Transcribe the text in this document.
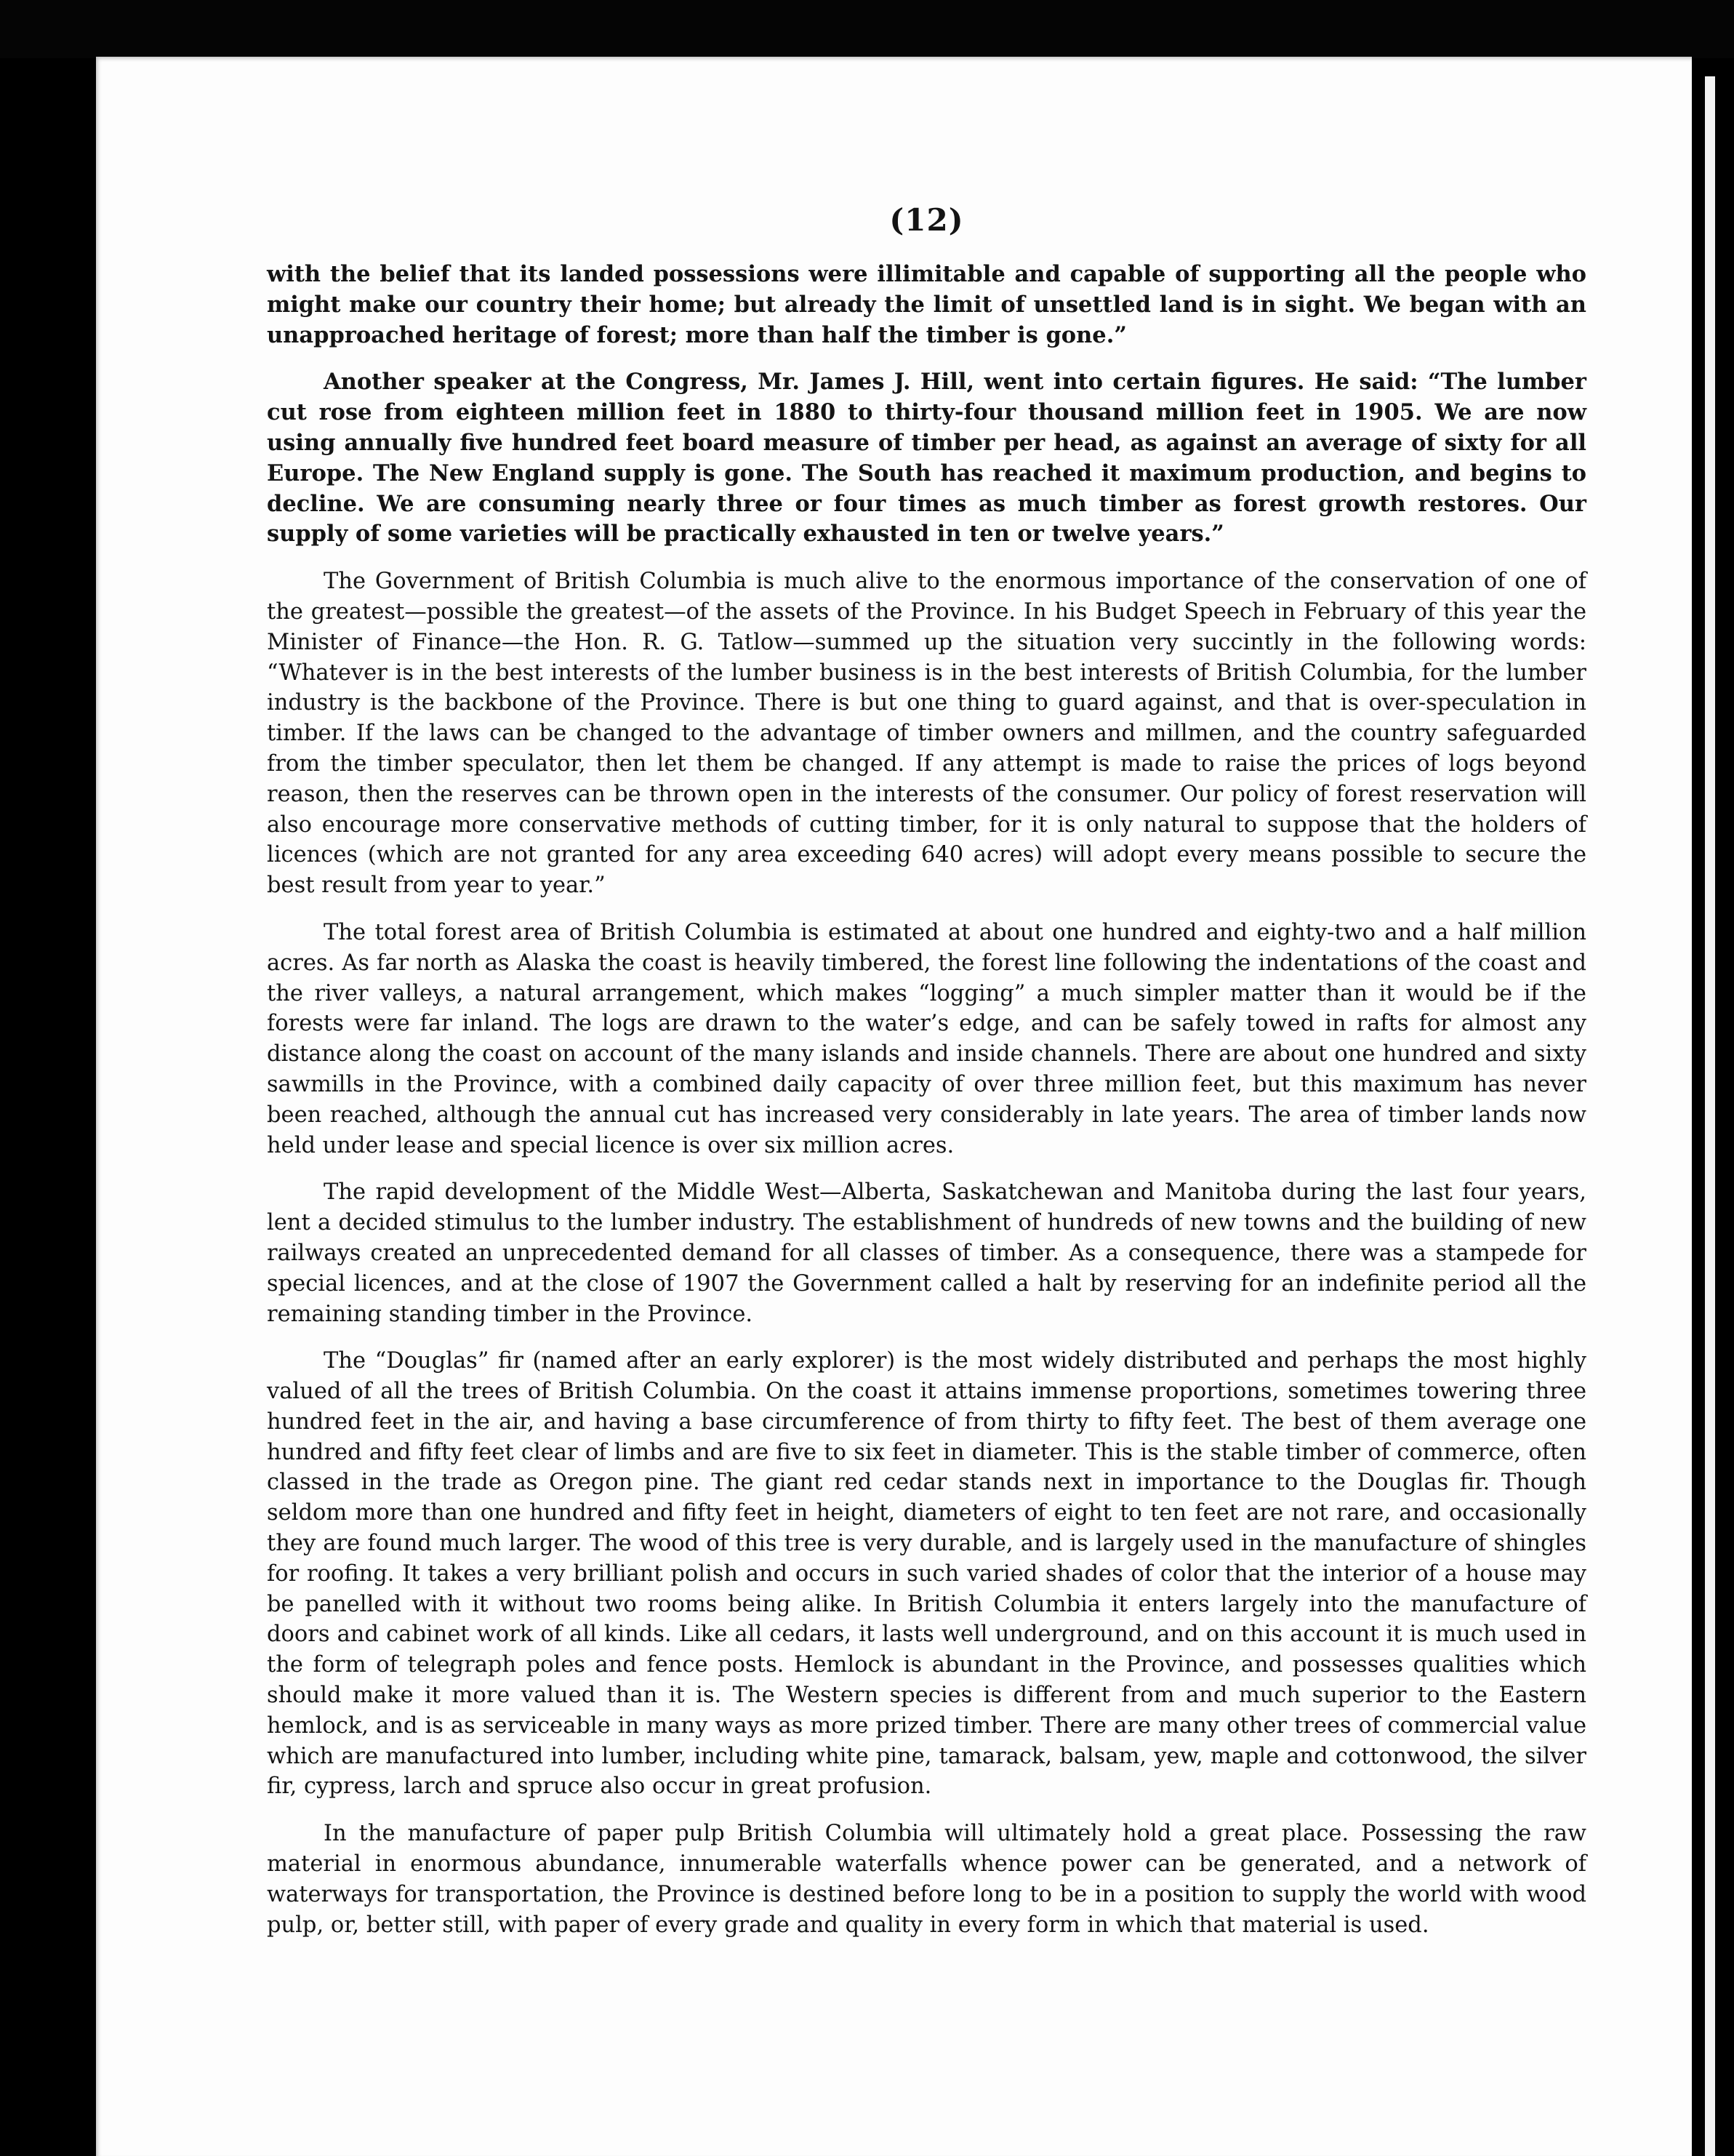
(12)

with the belief that its landed possessions were illimitable and capable of supporting all the people who might make our country their home; but already the limit of unsettled land is in sight. We began with an unapproached heritage of forest; more than half the timber is gone.”

Another speaker at the Congress, Mr. James J. Hill, went into certain figures. He said: “The lumber cut rose from eighteen million feet in 1880 to thirty-four thousand million feet in 1905. We are now using annually five hundred feet board measure of timber per head, as against an average of sixty for all Europe. The New England supply is gone. The South has reached it maximum production, and begins to decline. We are consuming nearly three or four times as much timber as forest growth restores. Our supply of some varieties will be practically exhausted in ten or twelve years.”

The Government of British Columbia is much alive to the enormous importance of the conservation of one of the greatest—possible the greatest—of the assets of the Province. In his Budget Speech in February of this year the Minister of Finance—the Hon. R. G. Tatlow—summed up the situation very succintly in the following words: “Whatever is in the best interests of the lumber business is in the best interests of British Columbia, for the lumber industry is the backbone of the Province. There is but one thing to guard against, and that is over-speculation in timber. If the laws can be changed to the advantage of timber owners and millmen, and the country safeguarded from the timber speculator, then let them be changed. If any attempt is made to raise the prices of logs beyond reason, then the reserves can be thrown open in the interests of the consumer. Our policy of forest reservation will also encourage more conservative methods of cutting timber, for it is only natural to suppose that the holders of licences (which are not granted for any area exceeding 640 acres) will adopt every means possible to secure the best result from year to year.”

The total forest area of British Columbia is estimated at about one hundred and eighty-two and a half million acres. As far north as Alaska the coast is heavily timbered, the forest line following the indentations of the coast and the river valleys, a natural arrangement, which makes “logging” a much simpler matter than it would be if the forests were far inland. The logs are drawn to the water’s edge, and can be safely towed in rafts for almost any distance along the coast on account of the many islands and inside channels. There are about one hundred and sixty sawmills in the Province, with a combined daily capacity of over three million feet, but this maximum has never been reached, although the annual cut has increased very considerably in late years. The area of timber lands now held under lease and special licence is over six million acres.

The rapid development of the Middle West—Alberta, Saskatchewan and Manitoba during the last four years, lent a decided stimulus to the lumber industry. The establishment of hundreds of new towns and the building of new railways created an unprecedented demand for all classes of timber. As a consequence, there was a stampede for special licences, and at the close of 1907 the Government called a halt by reserving for an indefinite period all the remaining standing timber in the Province.

The “Douglas” fir (named after an early explorer) is the most widely distributed and perhaps the most highly valued of all the trees of British Columbia. On the coast it attains immense proportions, sometimes towering three hundred feet in the air, and having a base circumference of from thirty to fifty feet. The best of them average one hundred and fifty feet clear of limbs and are five to six feet in diameter. This is the stable timber of commerce, often classed in the trade as Oregon pine. The giant red cedar stands next in importance to the Douglas fir. Though seldom more than one hundred and fifty feet in height, diameters of eight to ten feet are not rare, and occasionally they are found much larger. The wood of this tree is very durable, and is largely used in the manufacture of shingles for roofing. It takes a very brilliant polish and occurs in such varied shades of color that the interior of a house may be panelled with it without two rooms being alike. In British Columbia it enters largely into the manufacture of doors and cabinet work of all kinds. Like all cedars, it lasts well underground, and on this account it is much used in the form of telegraph poles and fence posts. Hemlock is abundant in the Province, and possesses qualities which should make it more valued than it is. The Western species is different from and much superior to the Eastern hemlock, and is as serviceable in many ways as more prized timber. There are many other trees of commercial value which are manufactured into lumber, including white pine, tamarack, balsam, yew, maple and cottonwood, the silver fir, cypress, larch and spruce also occur in great profusion.

In the manufacture of paper pulp British Columbia will ultimately hold a great place. Possessing the raw material in enormous abundance, innumerable waterfalls whence power can be generated, and a network of waterways for transportation, the Province is destined before long to be in a position to supply the world with wood pulp, or, better still, with paper of every grade and quality in every form in which that material is used.
